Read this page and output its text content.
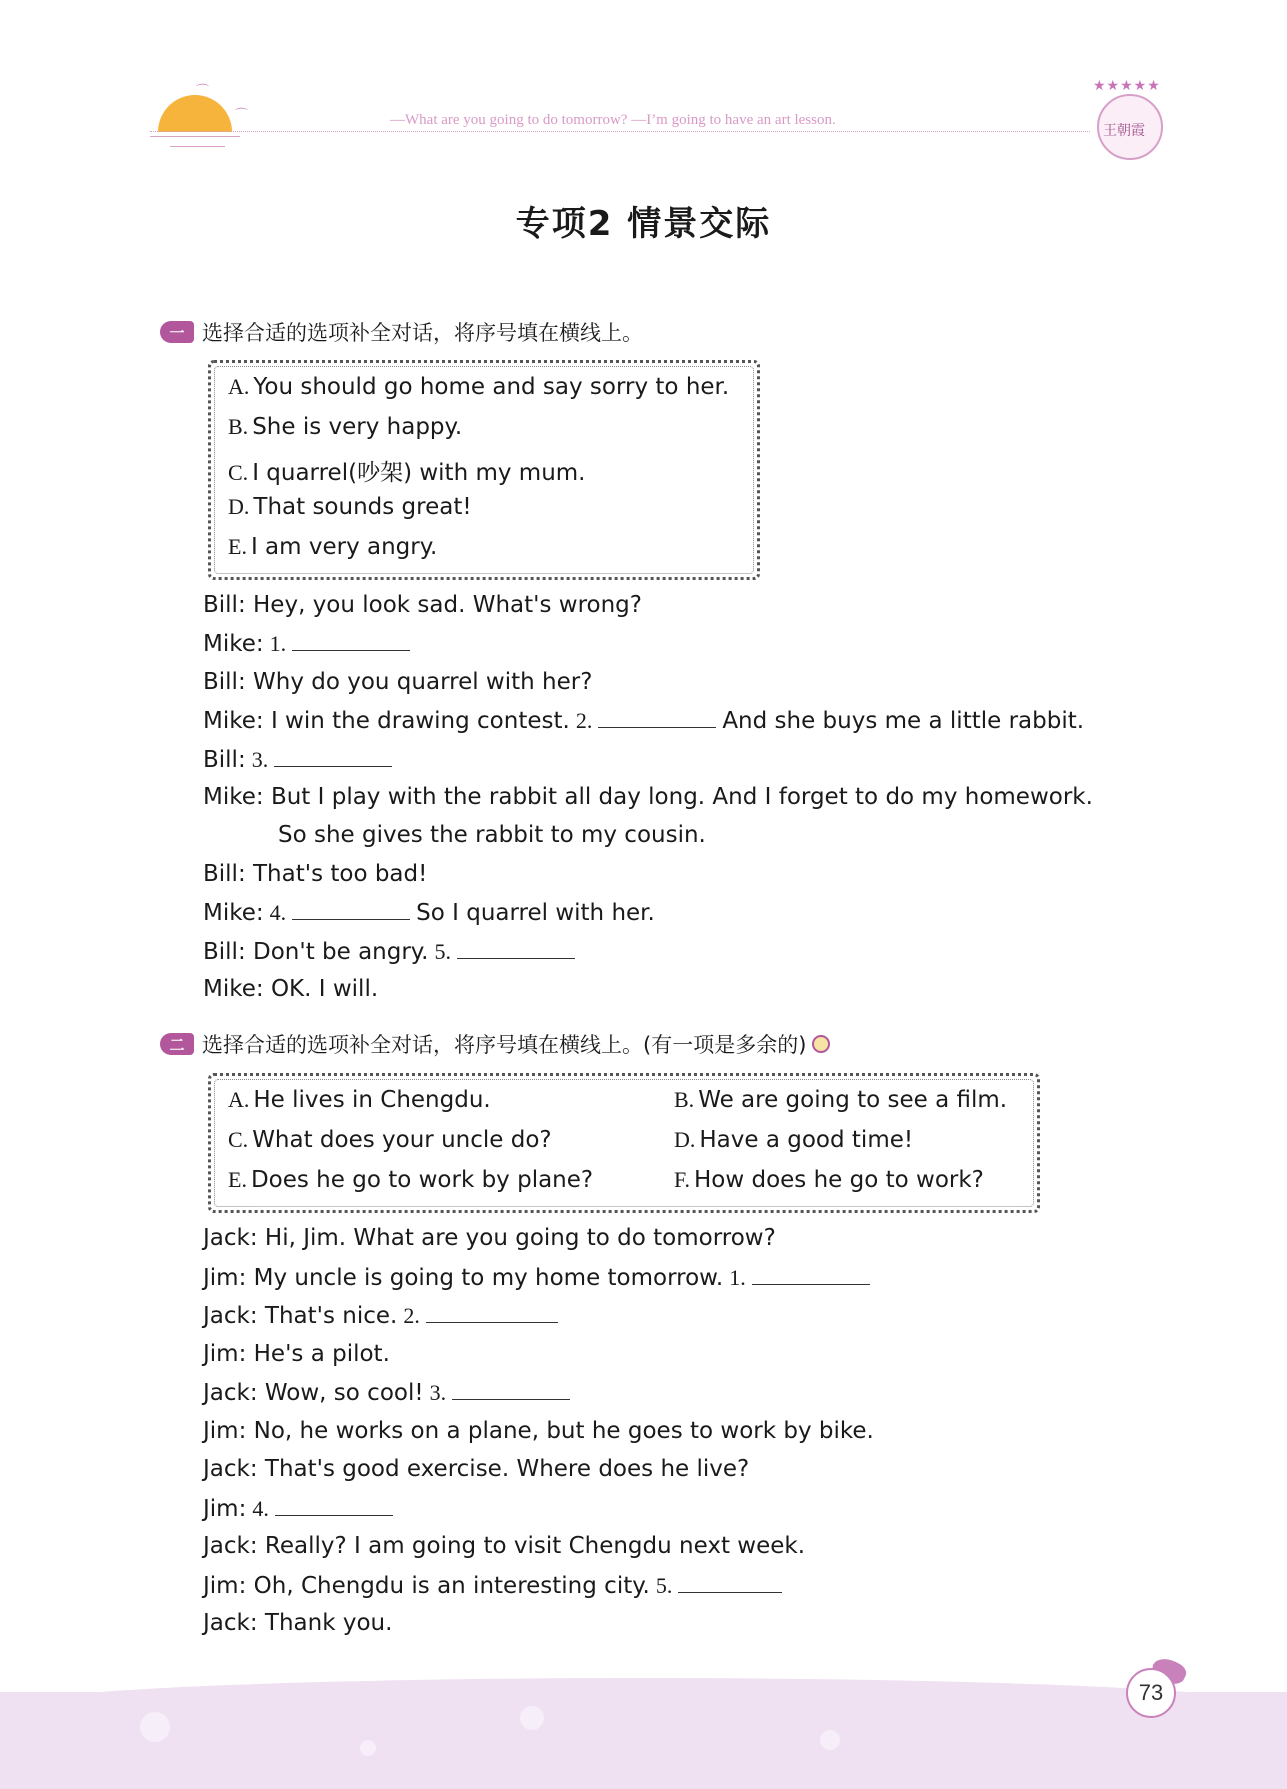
⌒
⌒	—What are you going to do tomorrow? —I’m going to have an art lesson.
★★★★★
王朝霞
专项2 情景交际
一 选择合适的选项补全对话，将序号填在横线上。
A. You should go home and say sorry to her.
B. She is very happy.
C. I quarrel(吵架) with my mum.
D. That sounds great!
E. I am very angry.
Bill: Hey, you look sad. What's wrong?
Mike: 1.
Bill: Why do you quarrel with her?
Mike: I win the drawing contest. 2.	And she buys me a little rabbit.
Bill: 3.
Mike: But I play with the rabbit all day long. And I forget to do my homework.
So she gives the rabbit to my cousin.
Bill: That's too bad!
Mike: 4.	So I quarrel with her.
Bill: Don't be angry. 5.
Mike: OK. I will.
二 选择合适的选项补全对话，将序号填在横线上。(有一项是多余的)
A. He lives in Chengdu.	B. We are going to see a film.
C. What does your uncle do?	D. Have a good time!
E. Does he go to work by plane?	F. How does he go to work?
Jack: Hi, Jim. What are you going to do tomorrow?
Jim: My uncle is going to my home tomorrow. 1.
Jack: That's nice. 2.
Jim: He's a pilot.
Jack: Wow, so cool! 3.
Jim: No, he works on a plane, but he goes to work by bike.
Jack: That's good exercise. Where does he live?
Jim: 4.
Jack: Really? I am going to visit Chengdu next week.
Jim: Oh, Chengdu is an interesting city. 5.
Jack: Thank you.
73
